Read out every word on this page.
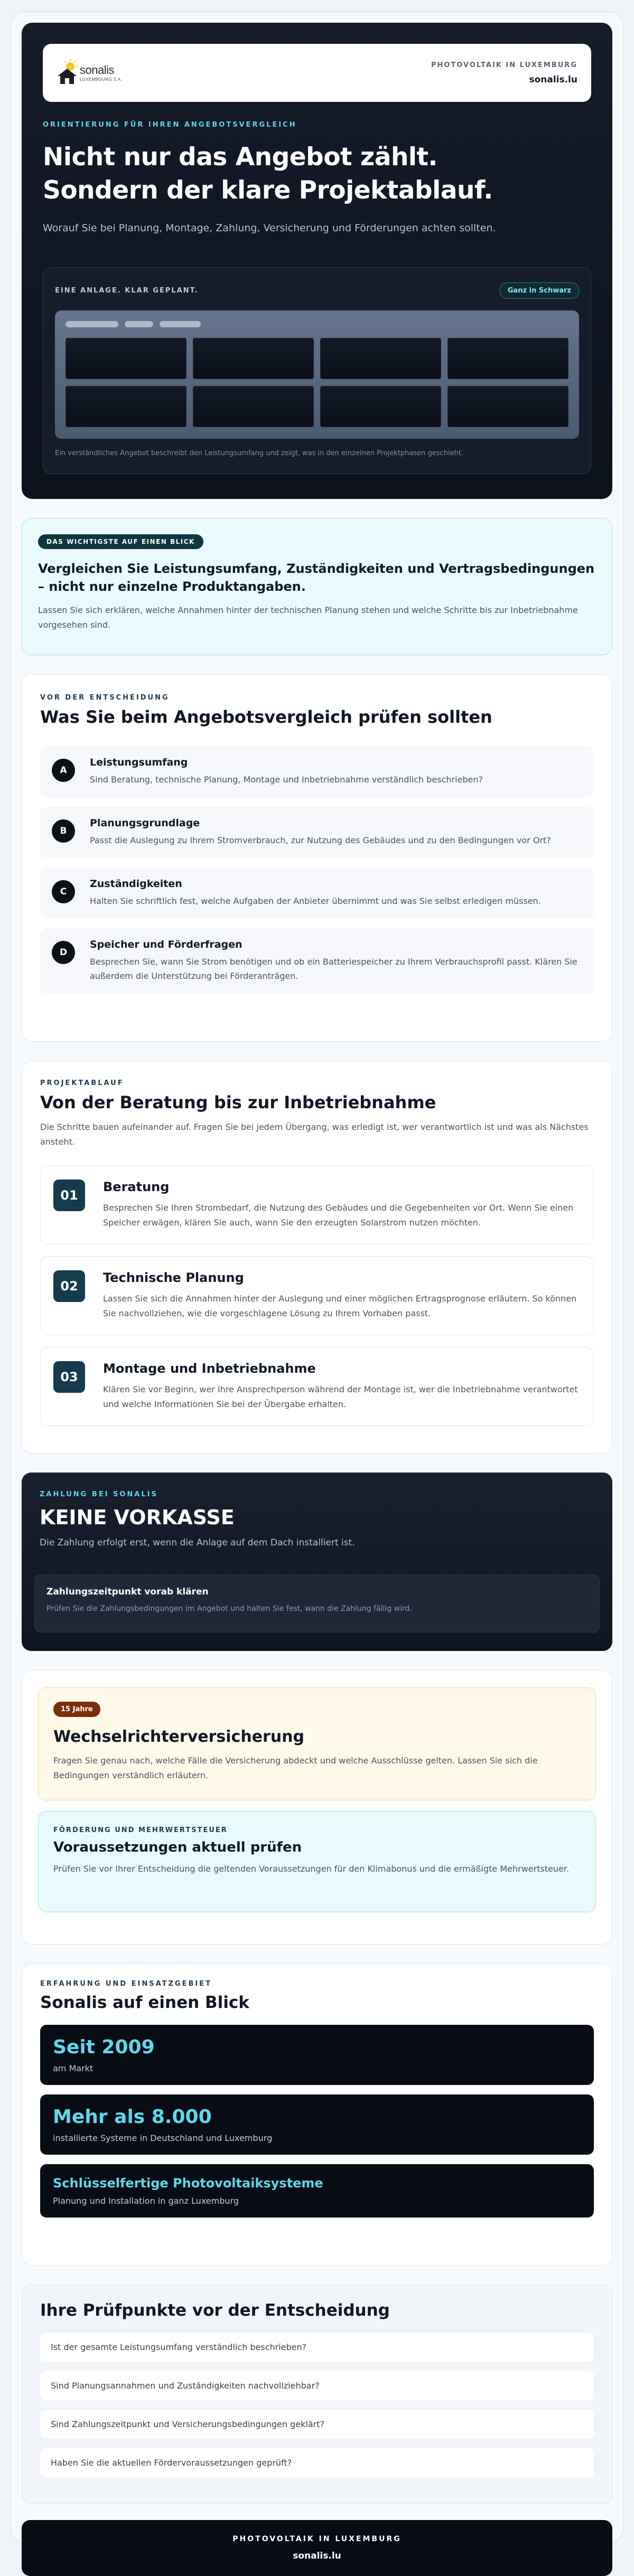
sonalis
LUXEMBOURG S.A.
PHOTOVOLTAIK IN LUXEMBURG
sonalis.lu
ORIENTIERUNG FÜR IHREN ANGEBOTSVERGLEICH
Nicht nur das Angebot zählt.
Sondern der klare Projektablauf.

Worauf Sie bei Planung, Montage, Zahlung, Versicherung und Förderungen achten sollten.

EINE ANLAGE. KLAR GEPLANT.	Ganz in Schwarz

Ein verständliches Angebot beschreibt den Leistungsumfang und zeigt, was in den einzelnen Projektphasen geschieht.

DAS WICHTIGSTE AUF EINEN BLICK
Vergleichen Sie Leistungsumfang, Zuständigkeiten und Vertragsbedingungen – nicht nur einzelne Produktangaben.

Lassen Sie sich erklären, welche Annahmen hinter der technischen Planung stehen und welche Schritte bis zur Inbetriebnahme vorgesehen sind.

VOR DER ENTSCHEIDUNG
Was Sie beim Angebotsvergleich prüfen sollten
A
Leistungsumfang
Sind Beratung, technische Planung, Montage und Inbetriebnahme verständlich beschrieben?
B
Planungsgrundlage
Passt die Auslegung zu Ihrem Stromverbrauch, zur Nutzung des Gebäudes und zu den Bedingungen vor Ort?
C
Zuständigkeiten
Halten Sie schriftlich fest, welche Aufgaben der Anbieter übernimmt und was Sie selbst erledigen müssen.
D
Speicher und Förderfragen
Besprechen Sie, wann Sie Strom benötigen und ob ein Batteriespeicher zu Ihrem Verbrauchsprofil passt. Klären Sie außerdem die Unterstützung bei Förderanträgen.
PROJEKTABLAUF
Von der Beratung bis zur Inbetriebnahme

Die Schritte bauen aufeinander auf. Fragen Sie bei jedem Übergang, was erledigt ist, wer verantwortlich ist und was als Nächstes ansteht.

01
Beratung
Besprechen Sie Ihren Strombedarf, die Nutzung des Gebäudes und die Gegebenheiten vor Ort. Wenn Sie einen Speicher erwägen, klären Sie auch, wann Sie den erzeugten Solarstrom nutzen möchten.
02
Technische Planung
Lassen Sie sich die Annahmen hinter der Auslegung und einer möglichen Ertragsprognose erläutern. So können Sie nachvollziehen, wie die vorgeschlagene Lösung zu Ihrem Vorhaben passt.
03
Montage und Inbetriebnahme
Klären Sie vor Beginn, wer Ihre Ansprechperson während der Montage ist, wer die Inbetriebnahme verantwortet und welche Informationen Sie bei der Übergabe erhalten.
ZAHLUNG BEI SONALIS
KEINE VORKASSE

Die Zahlung erfolgt erst, wenn die Anlage auf dem Dach installiert ist.

Zahlungszeitpunkt vorab klären
Prüfen Sie die Zahlungsbedingungen im Angebot und halten Sie fest, wann die Zahlung fällig wird.
15 Jahre
Wechselrichterversicherung

Fragen Sie genau nach, welche Fälle die Versicherung abdeckt und welche Ausschlüsse gelten. Lassen Sie sich die Bedingungen verständlich erläutern.

FÖRDERUNG UND MEHRWERTSTEUER
Voraussetzungen aktuell prüfen

Prüfen Sie vor Ihrer Entscheidung die geltenden Voraussetzungen für den Klimabonus und die ermäßigte Mehrwertsteuer.

ERFAHRUNG UND EINSATZGEBIET
Sonalis auf einen Blick
Seit 2009
am Markt
Mehr als 8.000
installierte Systeme in Deutschland und Luxemburg
Schlüsselfertige Photovoltaiksysteme
Planung und Installation in ganz Luxemburg
Ihre Prüfpunkte vor der Entscheidung
Ist der gesamte Leistungsumfang verständlich beschrieben?
Sind Planungsannahmen und Zuständigkeiten nachvollziehbar?
Sind Zahlungszeitpunkt und Versicherungsbedingungen geklärt?
Haben Sie die aktuellen Fördervoraussetzungen geprüft?
PHOTOVOLTAIK IN LUXEMBURG
sonalis.lu
